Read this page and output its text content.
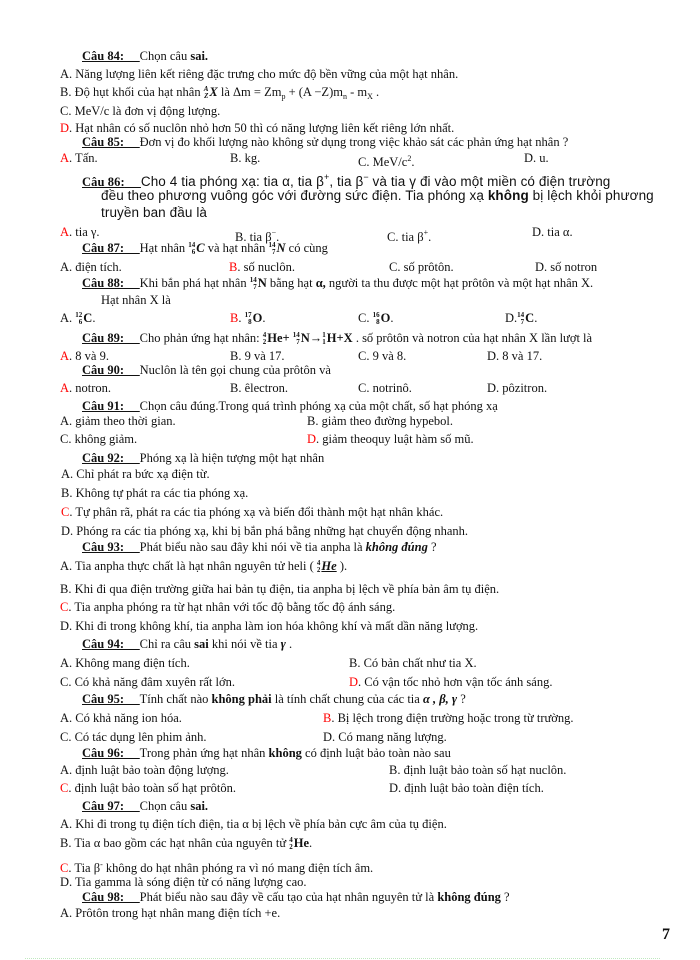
Câu 84: Chọn câu sai.
A. Năng lượng liên kết riêng đặc trưng cho mức độ bền vững của một hạt nhân.
B. Độ hụt khối của hạt nhân A
Z X là $\Delta m = Zm_p + (A -Z)m_n - m_X$ .
C. MeV/c là đơn vị động lượng.
D. Hạt nhân có số nuclôn nhỏ hơn 50 thì có năng lượng liên kết riêng lớn nhất.
Câu 85: Đơn vị đo khối lượng nào không sử dụng trong việc khảo sát các phản ứng hạt nhân ?
A. Tấn.	B. kg.	C. MeV/$c^2$.	D. u.
Câu 86: Cho 4 tia phóng xạ: tia α, tia β+, tia β− và tia γ đi vào một miền có điện trường
đều theo phương vuông góc với đường sức điện. Tia phóng xạ không bị lệch khỏi phương
truyền ban đầu là
A. tia γ.	B. tia β−.	C. tia β+.	D. tia α.
Câu 87: Hạt nhân 14
6 C và hạt nhân 14
7 N có cùng
A. điện tích.	B. số nuclôn.	C. số prôtôn.	D. số notron
Câu 88: Khi bắn phá hạt nhân 14
7 N bằng hạt α, người ta thu được một hạt prôtôn và một hạt nhân X.
Hạt nhân X là
A. 12
6 C.	B. 17
8 O.	C. 16
8 O.	D. 14
7 C.
Câu 89: Cho phản ứng hạt nhân: 4
2 He+ 14
7 N→ 1
1 H+X . số prôtôn và notron của hạt nhân X lần lượt là
A. 8 và 9.	B. 9 và 17.	C. 9 và 8.	D. 8 và 17.
Câu 90: Nuclôn là tên gọi chung của prôtôn và
A. notron.	B. êlectron.	C. notrinô.	D. pôzitron.
Câu 91: Chọn câu đúng.Trong quá trình phóng xạ của một chất, số hạt phóng xạ
A. giảm theo thời gian.	B. giảm theo đường hypebol.
C. không giảm.	D. giảm theoquy luật hàm số mũ.
Câu 92: Phóng xạ là hiện tượng một hạt nhân
A. Chỉ phát ra bức xạ điện từ.
B. Không tự phát ra các tia phóng xạ.
C. Tự phân rã, phát ra các tia phóng xạ và biến đổi thành một hạt nhân khác.
D. Phóng ra các tia phóng xạ, khi bị bắn phá bằng những hạt chuyển động nhanh.
Câu 93: Phát biểu nào sau đây khi nói về tia anpha là không đúng ?
A. Tia anpha thực chất là hạt nhân nguyên tử heli ( 4
2 He ).
B. Khi đi qua điện trường giữa hai bản tụ điện, tia anpha bị lệch về phía bản âm tụ điện.
C. Tia anpha phóng ra từ hạt nhân với tốc độ bằng tốc độ ánh sáng.
D. Khi đi trong không khí, tia anpha làm ion hóa không khí và mất dần năng lượng.
Câu 94: Chỉ ra câu sai khi nói về tia γ .
A. Không mang điện tích.	B. Có bản chất như tia X.
C. Có khả năng đâm xuyên rất lớn.	D. Có vận tốc nhỏ hơn vận tốc ánh sáng.
Câu 95: Tính chất nào không phải là tính chất chung của các tia α , β, γ ?
A. Có khả năng ion hóa.	B. Bị lệch trong điện trường hoặc trong từ trường.
C. Có tác dụng lên phim ảnh.	D. Có mang năng lượng.
Câu 96: Trong phản ứng hạt nhân không có định luật bảo toàn nào sau
A. định luật bảo toàn động lượng.	B. định luật bảo toàn số hạt nuclôn.
C. định luật bảo toàn số hạt prôtôn.	D. định luật bảo toàn điện tích.
Câu 97: Chọn câu sai.
A. Khi đi trong tụ điện tích điện, tia α bị lệch về phía bản cực âm của tụ điện.
B. Tia α bao gồm các hạt nhân của nguyên tử 4
2 He.
C. Tia β- không do hạt nhân phóng ra vì nó mang điện tích âm.
D. Tia gamma là sóng điện từ có năng lượng cao.
Câu 98: Phát biểu nào sau đây về cấu tạo của hạt nhân nguyên tử là không đúng ?
A. Prôtôn trong hạt nhân mang điện tích +e.
7
